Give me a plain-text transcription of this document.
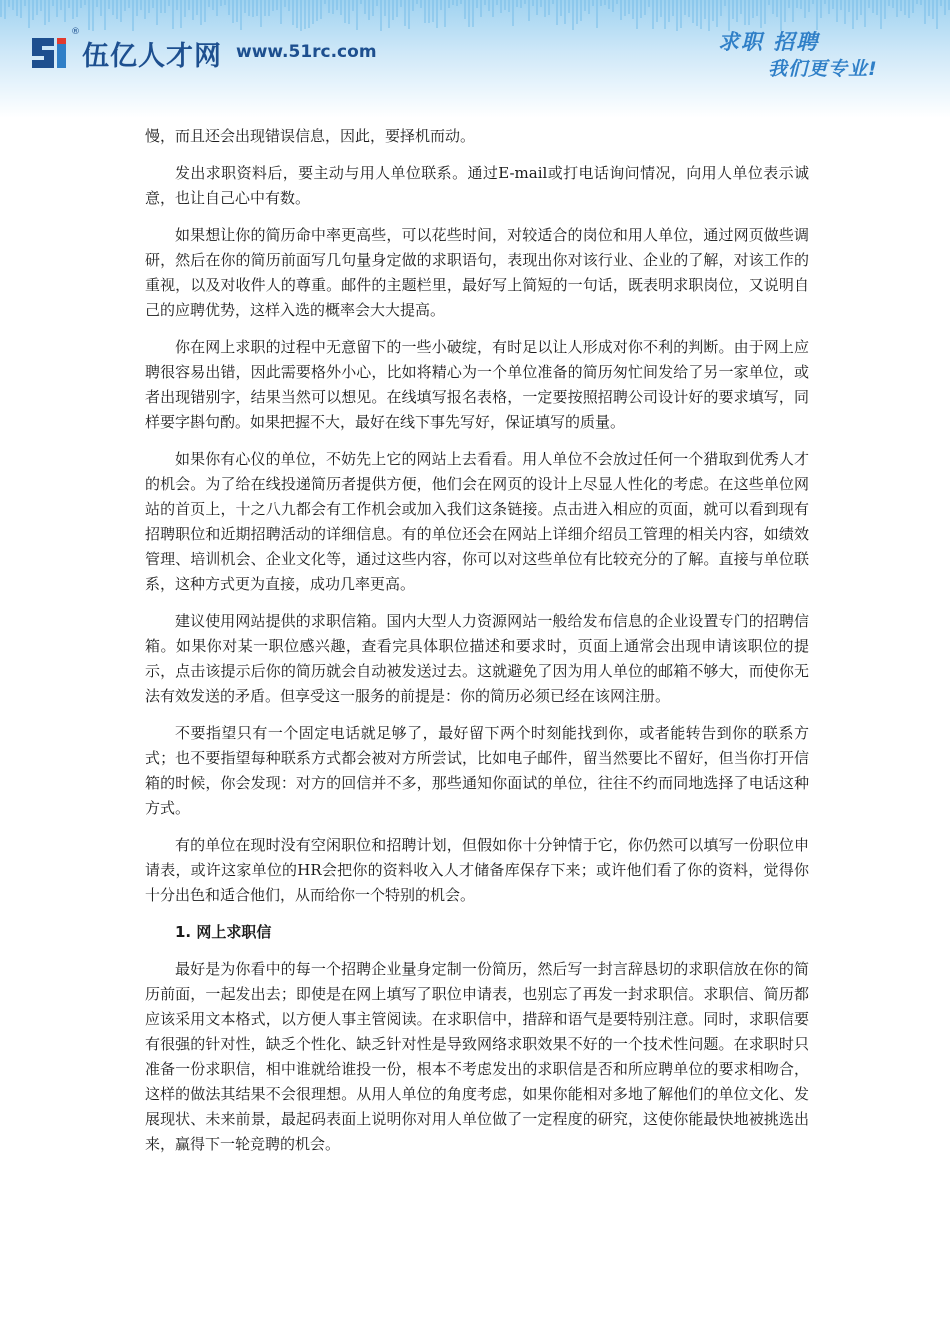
®
伍亿人才网 www.51rc.com	求职 招聘
我们更专业!

慢，而且还会出现错误信息，因此，要择机而动。

发出求职资料后，要主动与用人单位联系。通过E-mail或打电话询问情况，向用人单位表示诚意，也让自己心中有数。

如果想让你的简历命中率更高些，可以花些时间，对较适合的岗位和用人单位，通过网页做些调研，然后在你的简历前面写几句量身定做的求职语句，表现出你对该行业、企业的了解，对该工作的重视，以及对收件人的尊重。邮件的主题栏里，最好写上简短的一句话，既表明求职岗位，又说明自己的应聘优势，这样入选的概率会大大提高。

你在网上求职的过程中无意留下的一些小破绽，有时足以让人形成对你不利的判断。由于网上应聘很容易出错，因此需要格外小心，比如将精心为一个单位准备的简历匆忙间发给了另一家单位，或者出现错别字，结果当然可以想见。在线填写报名表格，一定要按照招聘公司设计好的要求填写，同样要字斟句酌。如果把握不大，最好在线下事先写好，保证填写的质量。

如果你有心仪的单位，不妨先上它的网站上去看看。用人单位不会放过任何一个猎取到优秀人才的机会。为了给在线投递简历者提供方便，他们会在网页的设计上尽显人性化的考虑。在这些单位网站的首页上，十之八九都会有工作机会或加入我们这条链接。点击进入相应的页面，就可以看到现有招聘职位和近期招聘活动的详细信息。有的单位还会在网站上详细介绍员工管理的相关内容，如绩效管理、培训机会、企业文化等，通过这些内容，你可以对这些单位有比较充分的了解。直接与单位联系，这种方式更为直接，成功几率更高。

建议使用网站提供的求职信箱。国内大型人力资源网站一般给发布信息的企业设置专门的招聘信箱。如果你对某一职位感兴趣，查看完具体职位描述和要求时，页面上通常会出现申请该职位的提示，点击该提示后你的简历就会自动被发送过去。这就避免了因为用人单位的邮箱不够大，而使你无法有效发送的矛盾。但享受这一服务的前提是：你的简历必须已经在该网注册。

不要指望只有一个固定电话就足够了，最好留下两个时刻能找到你，或者能转告到你的联系方式；也不要指望每种联系方式都会被对方所尝试，比如电子邮件，留当然要比不留好，但当你打开信箱的时候，你会发现：对方的回信并不多，那些通知你面试的单位，往往不约而同地选择了电话这种方式。

有的单位在现时没有空闲职位和招聘计划，但假如你十分钟情于它，你仍然可以填写一份职位申请表，或许这家单位的HR会把你的资料收入人才储备库保存下来；或许他们看了你的资料，觉得你十分出色和适合他们，从而给你一个特别的机会。

1. 网上求职信

最好是为你看中的每一个招聘企业量身定制一份简历，然后写一封言辞恳切的求职信放在你的简历前面，一起发出去；即使是在网上填写了职位申请表，也别忘了再发一封求职信。求职信、简历都应该采用文本格式，以方便人事主管阅读。在求职信中，措辞和语气是要特别注意。同时，求职信要有很强的针对性，缺乏个性化、缺乏针对性是导致网络求职效果不好的一个技术性问题。在求职时只准备一份求职信，相中谁就给谁投一份，根本不考虑发出的求职信是否和所应聘单位的要求相吻合，这样的做法其结果不会很理想。从用人单位的角度考虑，如果你能相对多地了解他们的单位文化、发展现状、未来前景，最起码表面上说明你对用人单位做了一定程度的研究，这使你能最快地被挑选出来，赢得下一轮竞聘的机会。
